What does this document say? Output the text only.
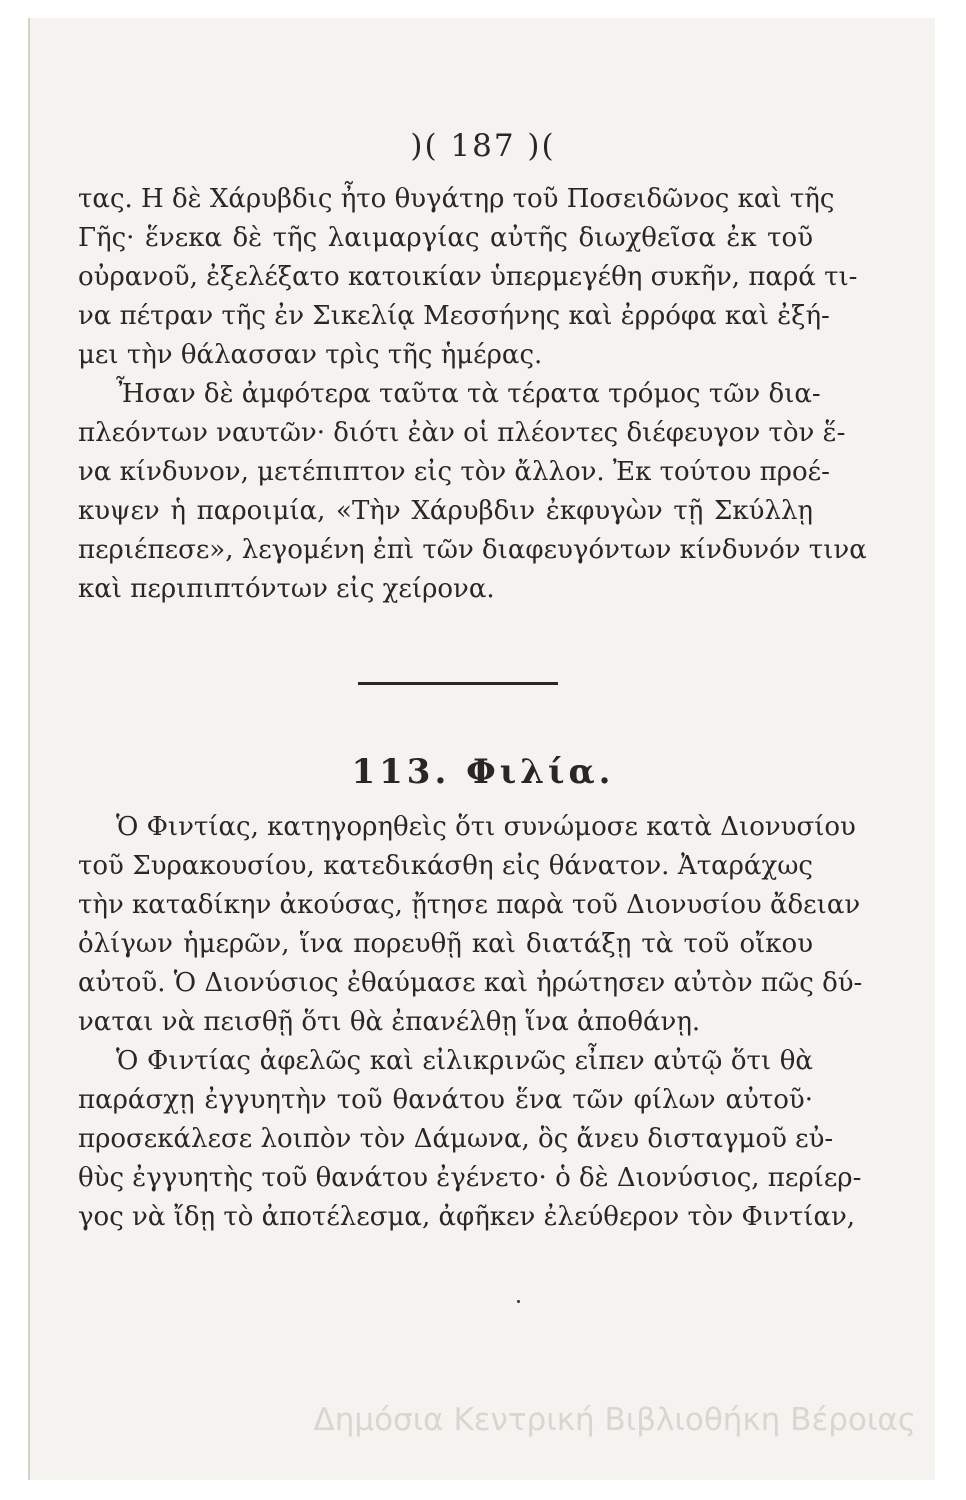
)( 187 )(
τας. Η δὲ Χάρυβδις ἦτο θυγάτηρ τοῦ Ποσειδῶνος καὶ τῆς
Γῆς· ἕνεκα δὲ τῆς λαιμαργίας αὐτῆς διωχθεῖσα ἐκ τοῦ
οὐρανοῦ, ἐξελέξατο κατοικίαν ὑπερμεγέθη συκῆν, παρά τι-
να πέτραν τῆς ἐν Σικελίᾳ Μεσσήνης καὶ ἐρρόφα καὶ ἐξή-
μει τὴν θάλασσαν τρὶς τῆς ἡμέρας.
Ἦσαν δὲ ἀμφότερα ταῦτα τὰ τέρατα τρόμος τῶν δια-
πλεόντων ναυτῶν· διότι ἐὰν οἱ πλέοντες διέφευγον τὸν ἕ-
να κίνδυνον, μετέπιπτον εἰς τὸν ἄλλον. Ἐκ τούτου προέ-
κυψεν ἡ παροιμία, «Τὴν Χάρυβδιν ἐκφυγὼν τῇ Σκύλλῃ
περιέπεσε», λεγομένη ἐπὶ τῶν διαφευγόντων κίνδυνόν τινα
καὶ περιπιπτόντων εἰς χείρονα.
113. Φιλία.
Ὁ Φιντίας, κατηγορηθεὶς ὅτι συνώμοσε κατὰ Διονυσίου
τοῦ Συρακουσίου, κατεδικάσθη εἰς θάνατον. Ἀταράχως
τὴν καταδίκην ἀκούσας, ᾔτησε παρὰ τοῦ Διονυσίου ἄδειαν
ὀλίγων ἡμερῶν, ἵνα πορευθῇ καὶ διατάξῃ τὰ τοῦ οἴκου
αὐτοῦ. Ὁ Διονύσιος ἐθαύμασε καὶ ἠρώτησεν αὐτὸν πῶς δύ-
ναται νὰ πεισθῇ ὅτι θὰ ἐπανέλθῃ ἵνα ἀποθάνῃ.
Ὁ Φιντίας ἀφελῶς καὶ εἰλικρινῶς εἶπεν αὐτῷ ὅτι θὰ
παράσχῃ ἐγγυητὴν τοῦ θανάτου ἕνα τῶν φίλων αὐτοῦ·
προσεκάλεσε λοιπὸν τὸν Δάμωνα, ὃς ἄνευ δισταγμοῦ εὐ-
θὺς ἐγγυητὴς τοῦ θανάτου ἐγένετο· ὁ δὲ Διονύσιος, περίερ-
γος νὰ ἴδῃ τὸ ἀποτέλεσμα, ἀφῆκεν ἐλεύθερον τὸν Φιντίαν,
Δημόσια Κεντρική Βιβλιοθήκη Βέροιας
